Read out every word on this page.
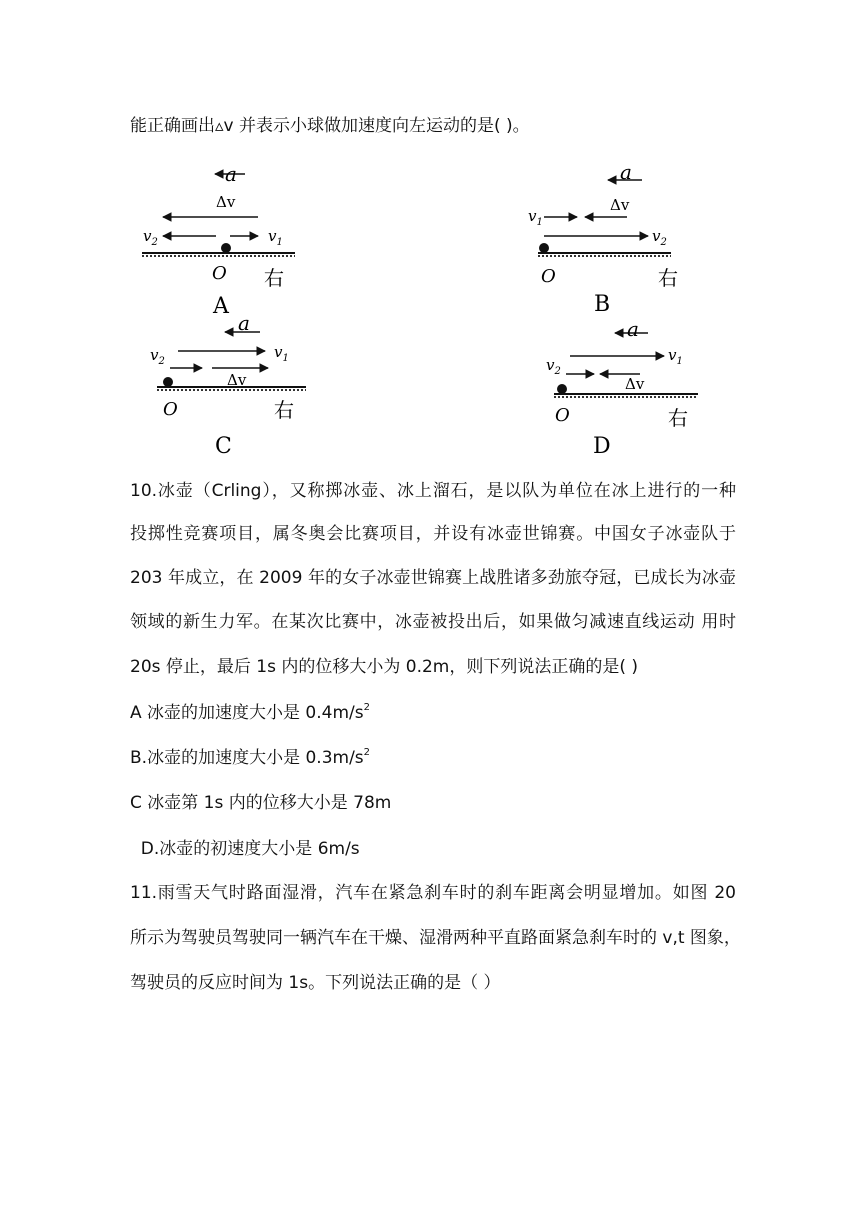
能正确画出▵v 并表示小球做加速度向左运动的是( )。
a
Δv
$v_2$	$v_1$
O 右
A
a
Δv
$v_1$
$v_2$
O	右
B
a
$v_2$
$v_1$
Δv
O	右
C
a
$v_2$
$v_1$
Δv
O	右
D
10.冰壶（Crling），又称掷冰壶、冰上溜石，是以队为单位在冰上进行的一种
投掷性竞赛项目，属冬奥会比赛项目，并设有冰壶世锦赛。中国女子冰壶队于
203 年成立，在 2009 年的女子冰壶世锦赛上战胜诸多劲旅夺冠，已成长为冰壶
领域的新生力军。在某次比赛中，冰壶被投出后，如果做匀减速直线运动 用时
20s 停止，最后 1s 内的位移大小为 0.2m，则下列说法正确的是( )
A 冰壶的加速度大小是 $0.4m/s^2$
B.冰壶的加速度大小是 $0.3m/s^2$
C 冰壶第 1s 内的位移大小是 78m
D.冰壶的初速度大小是 6m/s
11.雨雪天气时路面湿滑，汽车在紧急刹车时的刹车距离会明显增加。如图 20
所示为驾驶员驾驶同一辆汽车在干燥、湿滑两种平直路面紧急刹车时的 v,t 图象，
驾驶员的反应时间为 1s。下列说法正确的是（ ）
